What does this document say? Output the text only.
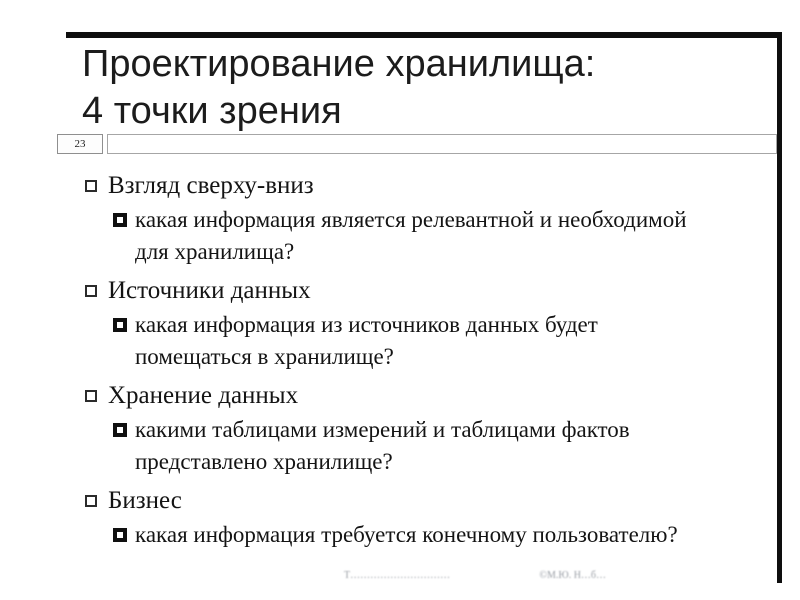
Проектирование хранилища:
4 точки зрения
23
Взгляд сверху-вниз
какая информация является релевантной и необходимой
для хранилища?
Источники данных
какая информация из источников данных будет
помещаться в хранилище?
Хранение данных
какими таблицами измерений и таблицами фактов
представлено хранилище?
Бизнес
какая информация требуется конечному пользователю?
Т…………………………	©М.Ю. Н…б…
